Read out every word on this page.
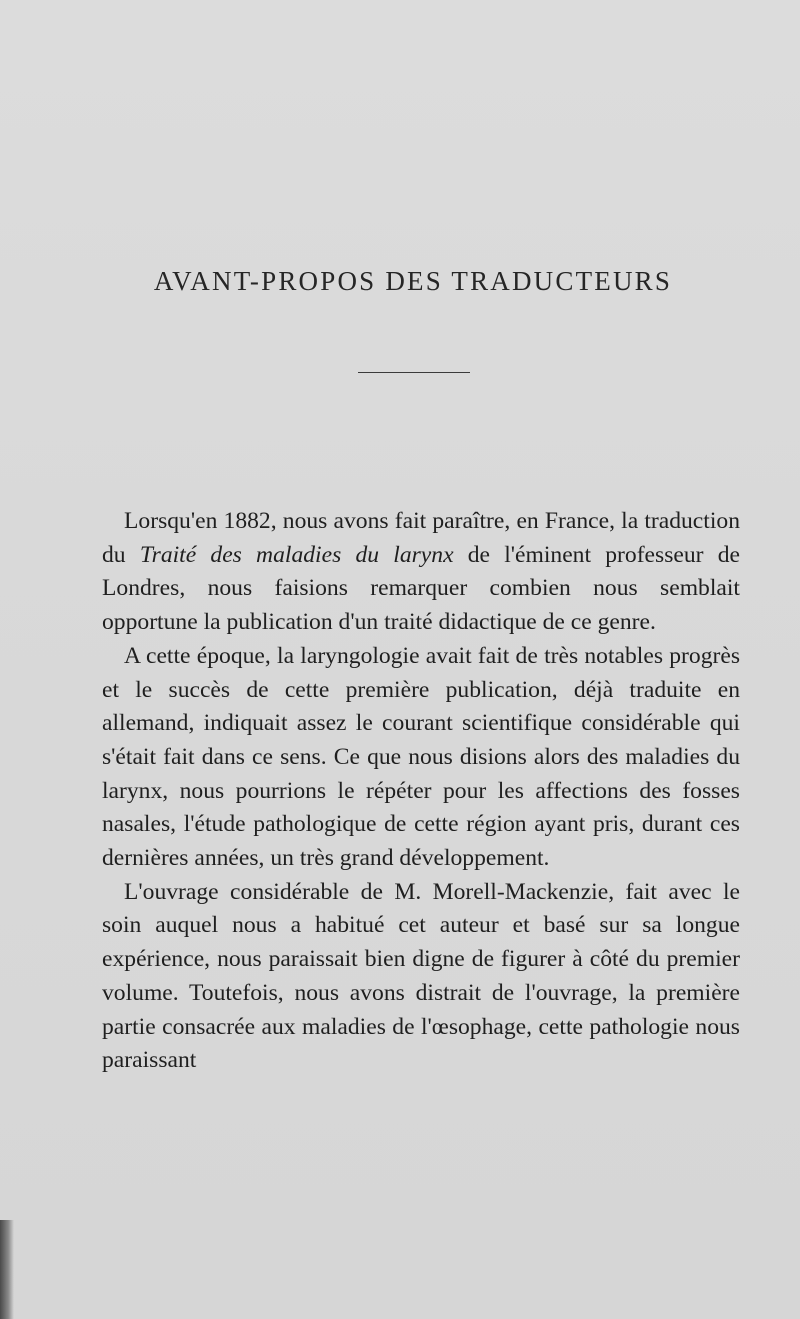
AVANT-PROPOS DES TRADUCTEURS

Lorsqu'en 1882, nous avons fait paraître, en France, la traduction du Traité des maladies du larynx de l'éminent professeur de Londres, nous faisions remarquer combien nous semblait opportune la publication d'un traité didactique de ce genre.

A cette époque, la laryngologie avait fait de très notables progrès et le succès de cette première publication, déjà traduite en allemand, indiquait assez le courant scientifique considérable qui s'était fait dans ce sens. Ce que nous disions alors des maladies du larynx, nous pourrions le répéter pour les affections des fosses nasales, l'étude pathologique de cette région ayant pris, durant ces dernières années, un très grand développement.

L'ouvrage considérable de M. Morell-Mackenzie, fait avec le soin auquel nous a habitué cet auteur et basé sur sa longue expérience, nous paraissait bien digne de figurer à côté du premier volume. Toutefois, nous avons distrait de l'ouvrage, la première partie consacrée aux maladies de l'œsophage, cette pathologie nous paraissant
